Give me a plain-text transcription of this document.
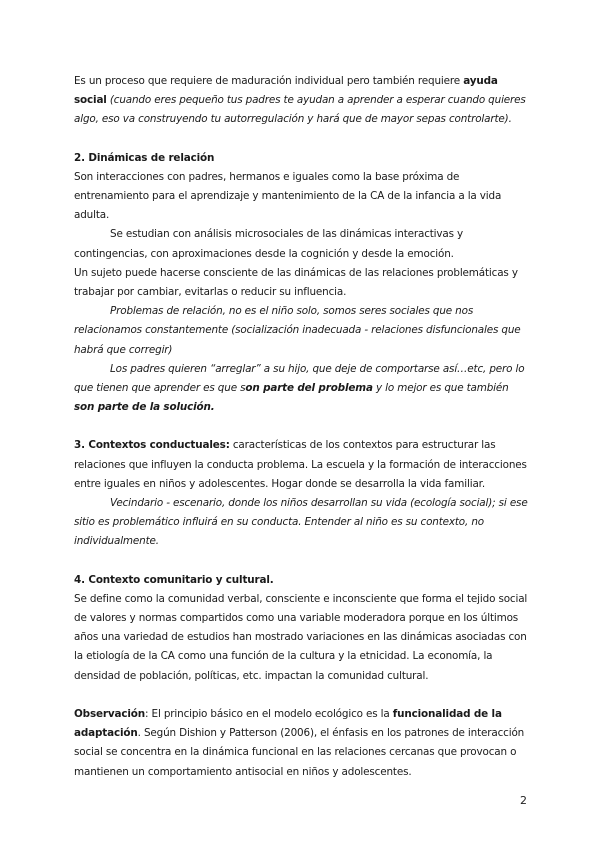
Es un proceso que requiere de maduración individual pero también requiere ayuda social (cuando eres pequeño tus padres te ayudan a aprender a esperar cuando quieres algo, eso va construyendo tu autorregulación y hará que de mayor sepas controlarte).

2. Dinámicas de relación

Son interacciones con padres, hermanos e iguales como la base próxima de entrenamiento para el aprendizaje y mantenimiento de la CA de la infancia a la vida adulta.

Se estudian con análisis microsociales de las dinámicas interactivas y contingencias, con aproximaciones desde la cognición y desde la emoción.

Un sujeto puede hacerse consciente de las dinámicas de las relaciones problemáticas y trabajar por cambiar, evitarlas o reducir su influencia.

Problemas de relación, no es el niño solo, somos seres sociales que nos relacionamos constantemente (socialización inadecuada - relaciones disfuncionales que habrá que corregir)

Los padres quieren “arreglar” a su hijo, que deje de comportarse así…etc, pero lo que tienen que aprender es que son parte del problema y lo mejor es que también son parte de la solución.

3. Contextos conductuales: características de los contextos para estructurar las relaciones que influyen la conducta problema. La escuela y la formación de interacciones entre iguales en niños y adolescentes. Hogar donde se desarrolla la vida familiar.

Vecindario - escenario, donde los niños desarrollan su vida (ecología social); si ese sitio es problemático influirá en su conducta. Entender al niño es su contexto, no individualmente.

4. Contexto comunitario y cultural.

Se define como la comunidad verbal, consciente e inconsciente que forma el tejido social de valores y normas compartidos como una variable moderadora porque en los últimos años una variedad de estudios han mostrado variaciones en las dinámicas asociadas con la etiología de la CA como una función de la cultura y la etnicidad. La economía, la densidad de población, políticas, etc. impactan la comunidad cultural.

Observación: El principio básico en el modelo ecológico es la funcionalidad de la adaptación. Según Dishion y Patterson (2006), el énfasis en los patrones de interacción social se concentra en la dinámica funcional en las relaciones cercanas que provocan o mantienen un comportamiento antisocial en niños y adolescentes.

2
